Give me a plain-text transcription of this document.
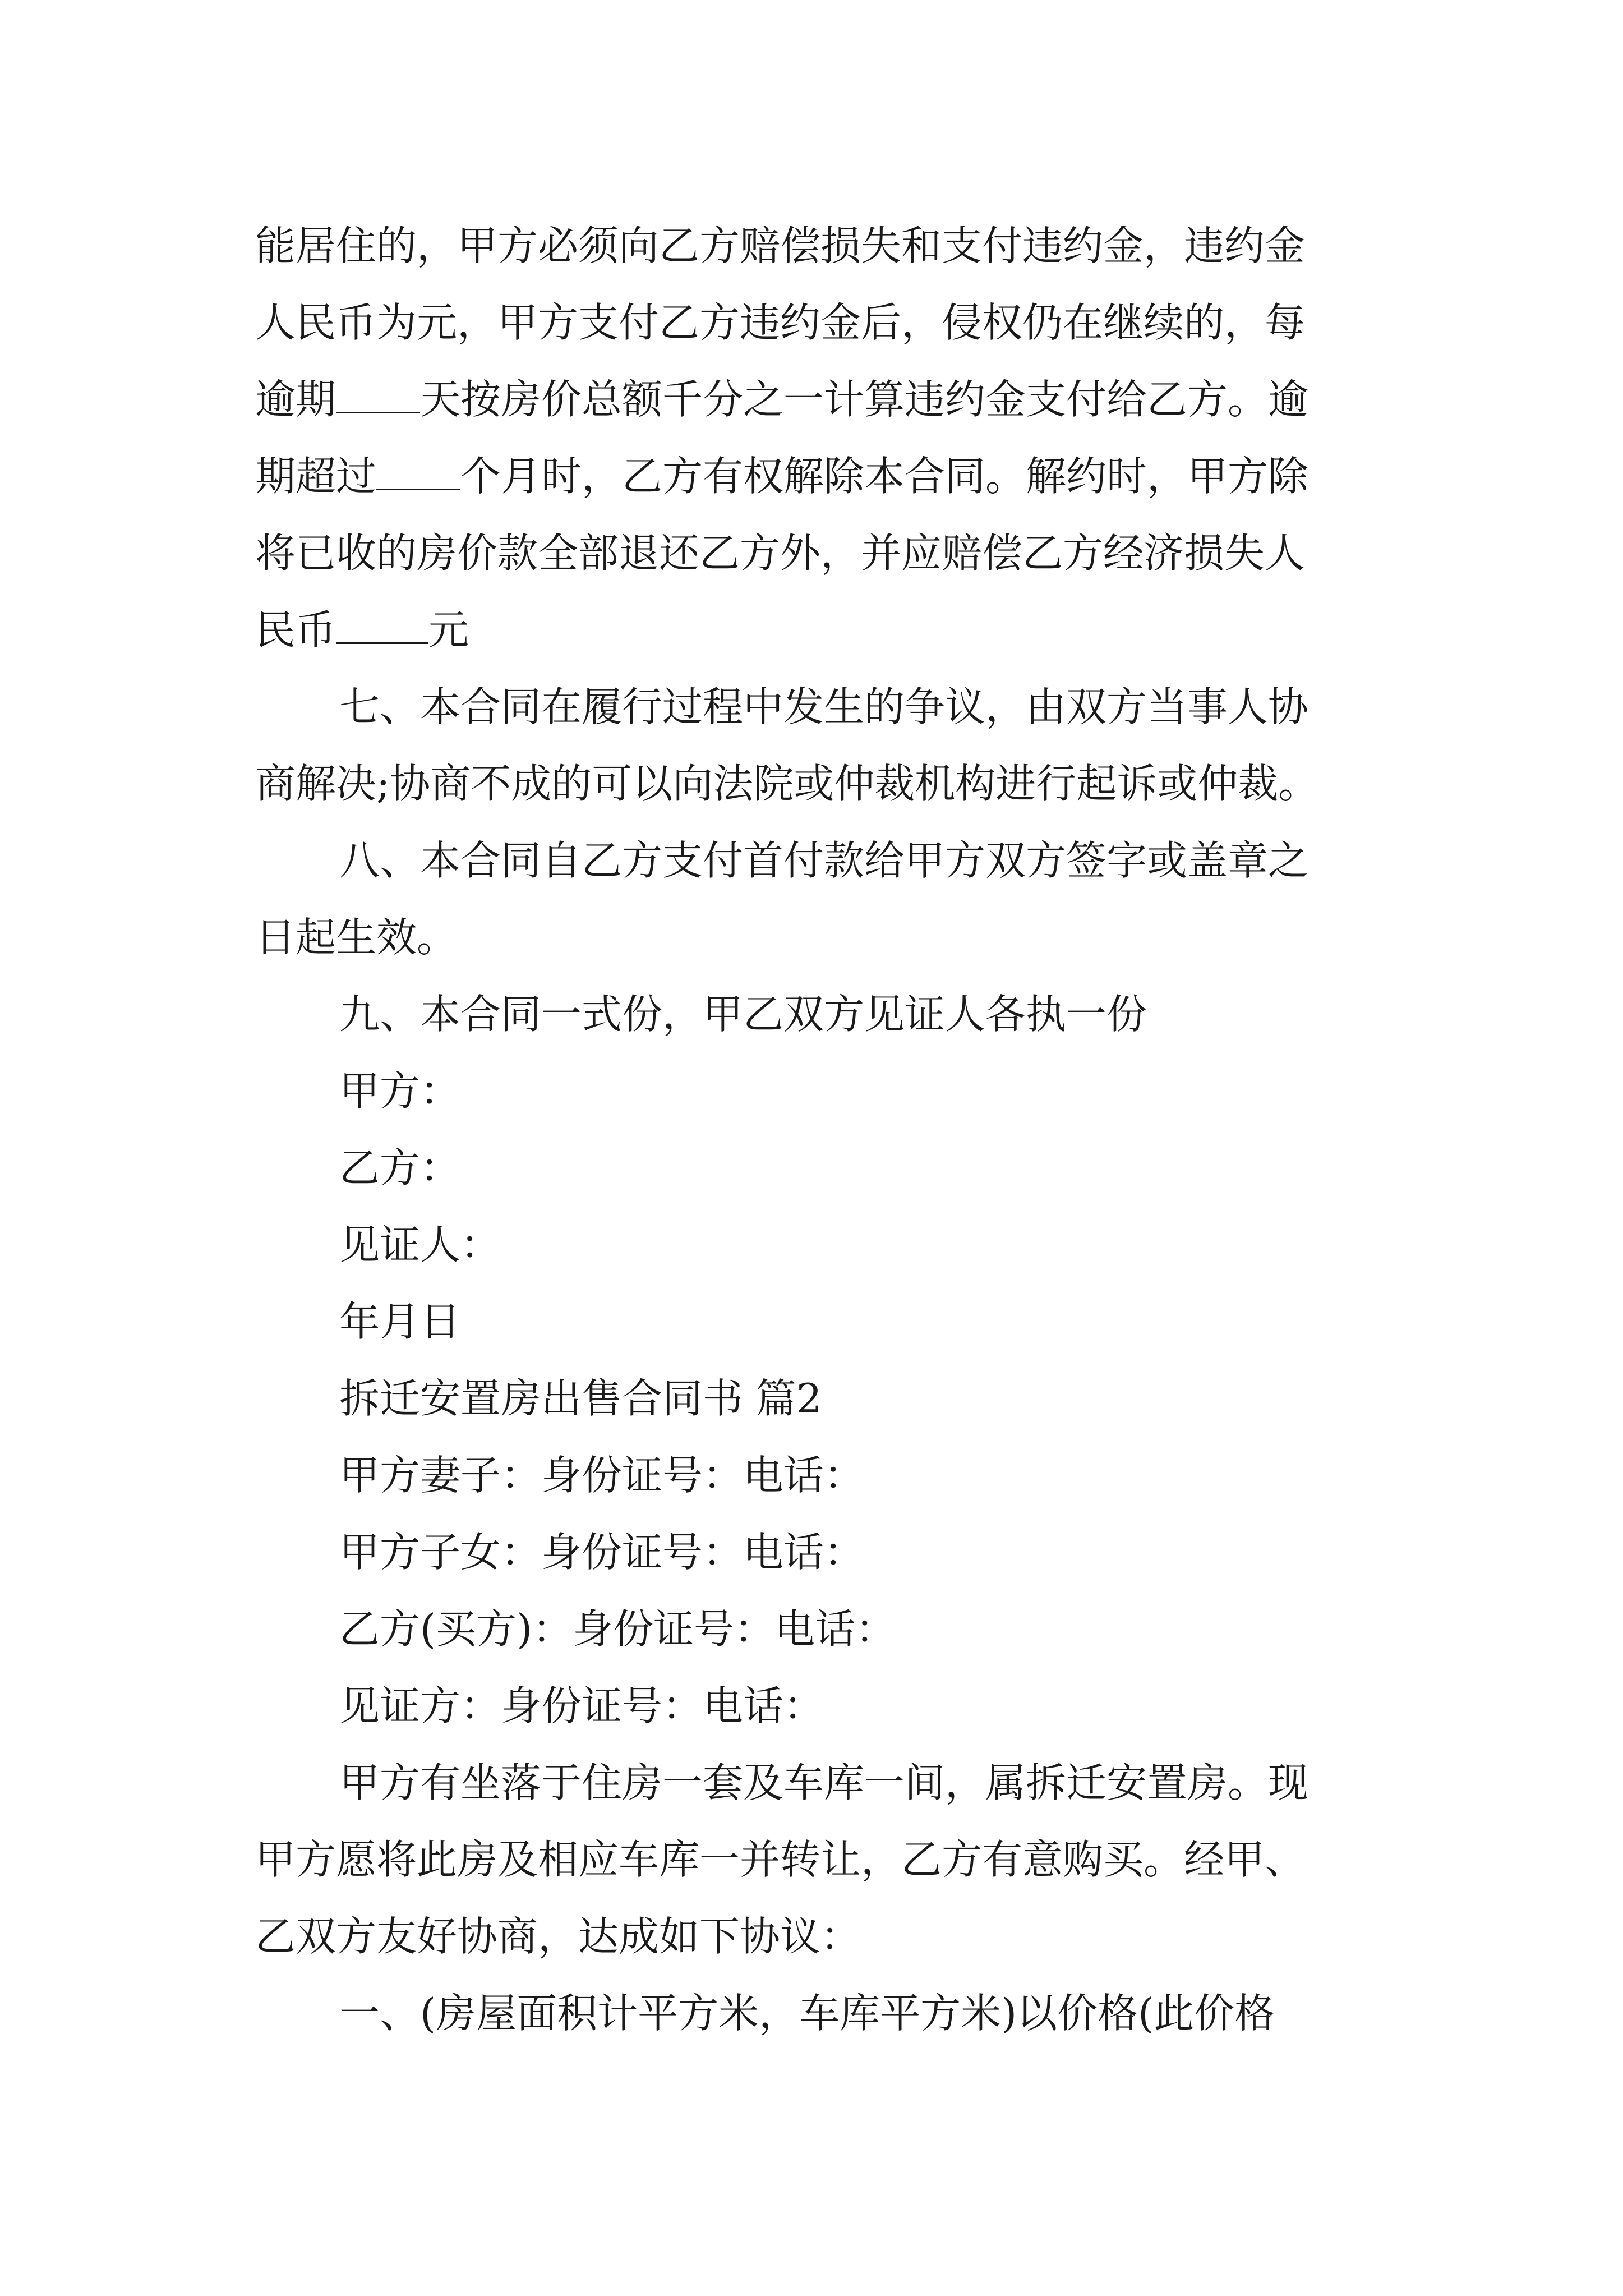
能居住的，甲方必须向乙方赔偿损失和支付违约金，违约金

人民币为元，甲方支付乙方违约金后，侵权仍在继续的，每

逾期 天按房价总额千分之一计算违约金支付给乙方。逾

期超过 个月时，乙方有权解除本合同。解约时，甲方除

将已收的房价款全部退还乙方外，并应赔偿乙方经济损失人

民币 元

七、本合同在履行过程中发生的争议，由双方当事人协

商解决;协商不成的可以向法院或仲裁机构进行起诉或仲裁。

八、本合同自乙方支付首付款给甲方双方签字或盖章之

日起生效。

九、本合同一式份，甲乙双方见证人各执一份

甲方：

乙方：

见证人：

年月日

拆迁安置房出售合同书 篇2

甲方妻子：身份证号：电话：

甲方子女：身份证号：电话：

乙方(买方)：身份证号：电话：

见证方：身份证号：电话：

甲方有坐落于住房一套及车库一间，属拆迁安置房。现

甲方愿将此房及相应车库一并转让，乙方有意购买。经甲、

乙双方友好协商，达成如下协议：

一、(房屋面积计平方米，车库平方米)以价格(此价格
